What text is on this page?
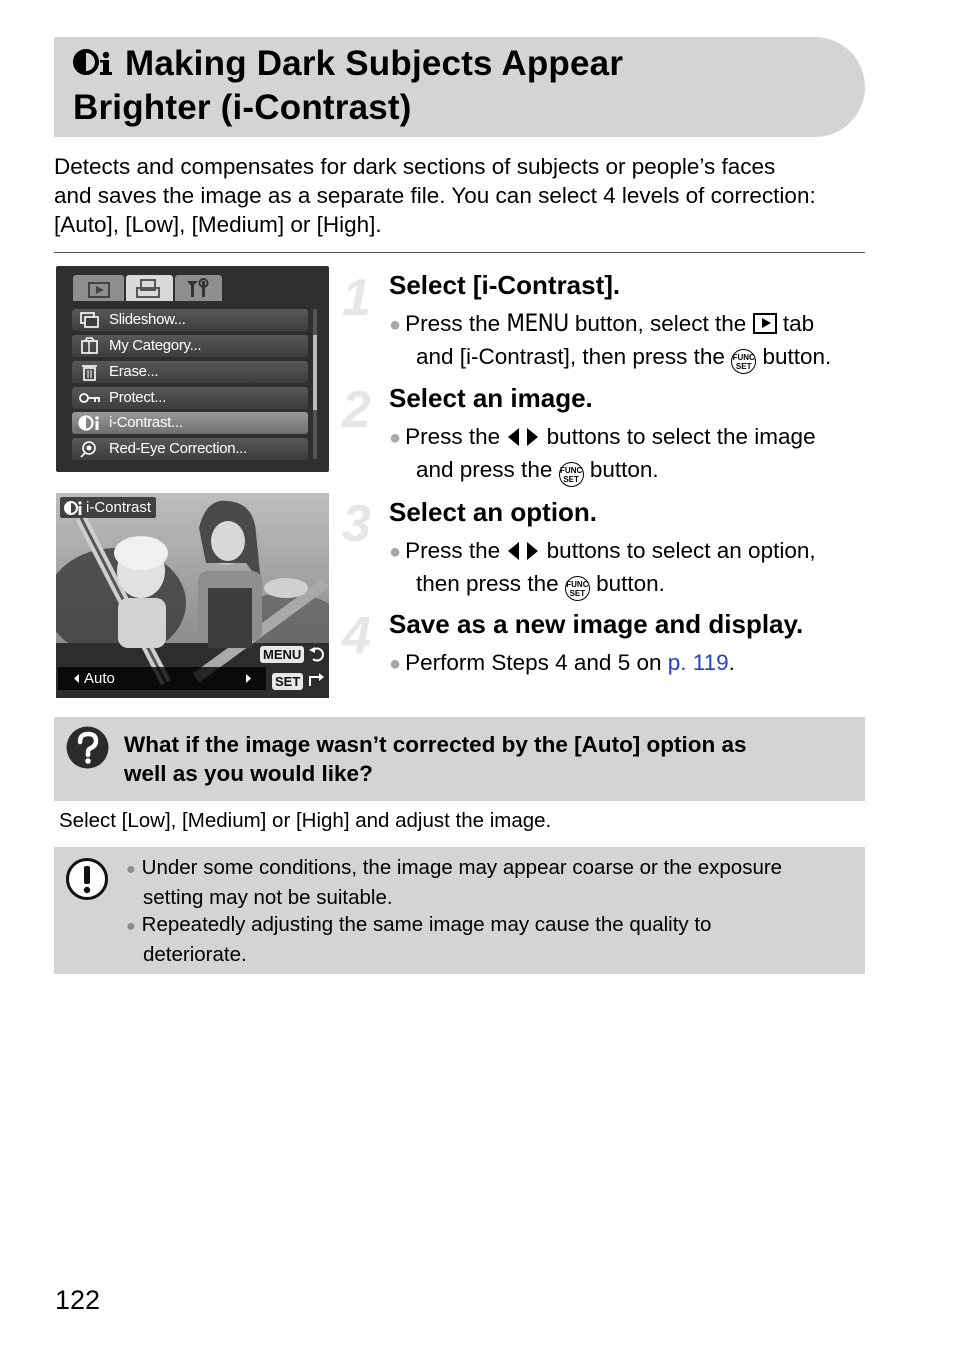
Making Dark Subjects Appear
Brighter (i-Contrast)
Detects and compensates for dark sections of subjects or people’s faces
and saves the image as a separate file. You can select 4 levels of correction:
[Auto], [Low], [Medium] or [High].
Slideshow...
My Category...
Erase...
Protect...
i-Contrast...
Red-Eye Correction...
i-Contrast
Auto
MENU
SET
1 Select [i-Contrast].
● Press the MENU button, select the tab
and [i-Contrast], then press the FUNC
SET button.
2 Select an image.
● Press the buttons to select the image
and press the FUNC
SET button.
3 Select an option.
● Press the buttons to select an option,
then press the FUNC
SET button.
4 Save as a new image and display.
● Perform Steps 4 and 5 on p. 119.
What if the image wasn’t corrected by the [Auto] option as
well as you would like?
Select [Low], [Medium] or [High] and adjust the image.
● Under some conditions, the image may appear coarse or the exposure
setting may not be suitable.
● Repeatedly adjusting the same image may cause the quality to
deteriorate.
122
